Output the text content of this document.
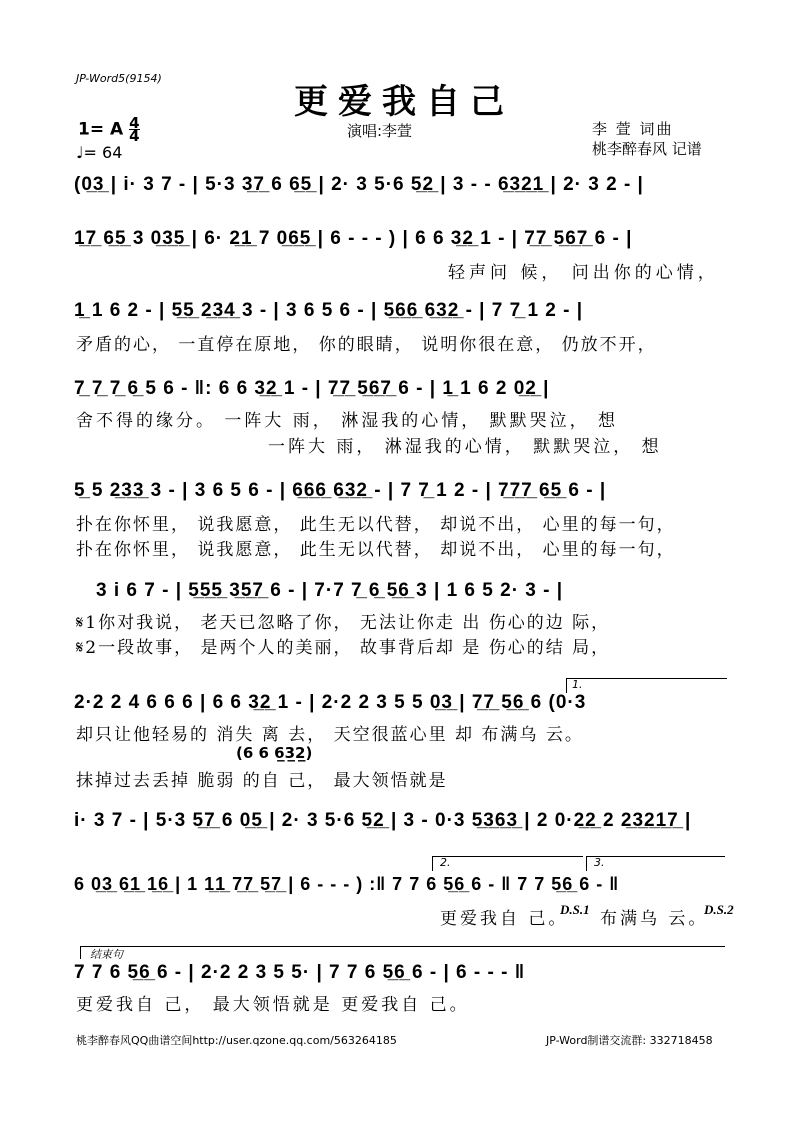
JP-Word5(9154)
更爱我自己
演唱:李萱	李 萱 词曲
桃李醉春风 记谱
1= A $\frac{4}{4}$
♩= 64
(0̲3̲ | i· 3 7 - | 5·3 3̲7̲ 6 6̲5̲ | 2· 3 5·6 5̲2̲ | 3 - - 6̲3̲2̲1̲ | 2· 3 2 - |
1̲7̲ 6̲5̲ 3 0̲3̲5̲ | 6· 2̲1̲ 7 0̲6̲5̲ | 6 - - - ) | 6 6 3̲2̲ 1 - | 7̲7̲ 5̲6̲7̲ 6 - |
轻声问 候， 问出你的心情，
1̲ 1 6 2 - | 5̲5̲ 2̲3̲4̲ 3 - | 3 6 5 6 - | 5̲6̲6̲ 6̲3̲2̲ - | 7 7̲ 1 2 - |
矛盾的心， 一直停在原地， 你的眼睛， 说明你很在意， 仍放不开，
7̲ 7̲ 7̲ 6̲ 5 6 - ‖: 6 6 3̲2̲ 1 - | 7̲7̲ 5̲6̲7̲ 6 - | 1̲ 1 6 2 0̲2̲ |
舍不得的缘分。 一阵大 雨， 淋湿我的心情， 默默哭泣， 想
一阵大 雨， 淋湿我的心情， 默默哭泣， 想
5̲ 5 2̲3̲3̲ 3 - | 3 6 5 6 - | 6̲6̲6̲ 6̲3̲2̲ - | 7 7̲ 1 2 - | 7̲7̲7̲ 6̲5̲ 6 - |
扑在你怀里， 说我愿意， 此生无以代替， 却说不出， 心里的每一句，
扑在你怀里， 说我愿意， 此生无以代替， 却说不出， 心里的每一句，
3 i 6 7 - | 5̲5̲5̲ 3̲5̲7̲ 6 - | 7·7 7̲ 6̲ 5̲6̲ 3 | 1 6 5 2· 3 - |
𝄋1你对我说， 老天已忽略了你， 无法让你走 出 伤心的边 际，
𝄋2一段故事， 是两个人的美丽， 故事背后却 是 伤心的结 局，
1.
2·2 2 4 6 6 6 | 6 6 3̲2̲ 1 - | 2·2 2 3 5 5 0̲3̲ | 7̲7̲ 5̲6̲ 6 (0·3
却只让他轻易的 消失 离 去， 天空很蓝心里 却 布满乌 云。
(6 6 6̲3̲2̲)
抹掉过去丢掉 脆弱 的自 己， 最大领悟就是
i· 3 7 - | 5·3 5̲7̲ 6 0̲5̲ | 2· 3 5·6 5̲2̲ | 3 - 0·3 5̲3̲6̲3̲ | 2 0·2̲2̲ 2 2̲3̲2̲1̲7̲ |
2.	3.
6 0̲3̲ 6̲1̲ 1̲6̲ | 1 1̲1̲ 7̲7̲ 5̲7̲ | 6 - - - ) :‖ 7 7 6 5̲6̲ 6 - ‖ 7 7 5̲6̲ 6 - ‖
更爱我自 己。
D.S.1 布满乌 云。
D.S.2
结束句
7 7 6 5̲6̲ 6 - | 2·2 2 3 5 5· | 7 7 6 5̲6̲ 6 - | 6 - - - ‖
更爱我自 己， 最大领悟就是 更爱我自 己。
桃李醉春风QQ曲谱空间http://user.qzone.qq.com/563264185	JP-Word制谱交流群: 332718458
